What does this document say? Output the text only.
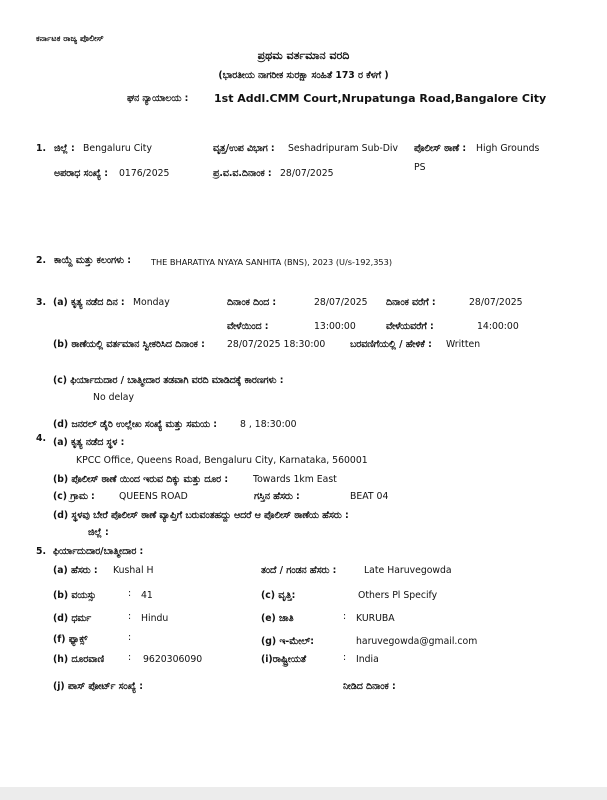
ಕರ್ನಾಟಕ ರಾಜ್ಯ ಪೊಲೀಸ್
ಪ್ರಥಮ ವರ್ತಮಾನ ವರದಿ
(ಭಾರತೀಯ ನಾಗರೀಕ ಸುರಕ್ಷಾ ಸಂಹಿತೆ 173 ರ ಕೆಳಗೆ )
ಘನ ನ್ಯಾಯಾಲಯ : 1st Addl.CMM Court,Nrupatunga Road,Bangalore City
1. ಜಿಲ್ಲೆ : Bengaluru City	ವೃತ್ತ/ಉಪ ವಿಭಾಗ : Seshadripuram Sub-Div ಪೊಲೀಸ್ ಠಾಣೆ : High Grounds
PS
ಅಪರಾಧ ಸಂಖ್ಯೆ : 0176/2025	ಪ್ರ.ವ.ವ.ದಿನಾಂಕ : 28/07/2025
2. ಕಾಯ್ದೆ ಮತ್ತು ಕಲಂಗಳು : THE BHARATIYA NYAYA SANHITA (BNS), 2023 (U/s-192,353)
3. (a) ಕೃತ್ಯ ನಡೆದ ದಿನ : Monday	ದಿನಾಂಕ ದಿಂದ :	28/07/2025 ದಿನಾಂಕ ವರೆಗೆ :	28/07/2025
ವೇಳೆಯಿಂದ :	13:00:00	ವೇಳೆಯವರೆಗೆ :	14:00:00
(b) ಠಾಣೆಯಲ್ಲಿ ವರ್ತಮಾನ ಸ್ವೀಕರಿಸಿದ ದಿನಾಂಕ : 28/07/2025 18:30:00	ಬರವಣಿಗೆಯಲ್ಲಿ / ಹೇಳಿಕೆ : Written
(c) ಫಿರ್ಯಾದುದಾರ / ಬಾತ್ಮೀದಾರ ತಡವಾಗಿ ವರದಿ ಮಾಡಿದಕ್ಕೆ ಕಾರಣಗಳು :
No delay
(d) ಜನರಲ್ ಡೈರಿ ಉಲ್ಲೇಖ ಸಂಖ್ಯೆ ಮತ್ತು ಸಮಯ : 8 , 18:30:00
4. (a) ಕೃತ್ಯ ನಡೆದ ಸ್ಥಳ :
KPCC Office, Queens Road, Bengaluru City, Karnataka, 560001
(b) ಪೊಲೀಸ್ ಠಾಣೆ ಯಿಂದ ಇರುವ ದಿಕ್ಕು ಮತ್ತು ದೂರ :	Towards 1km East
(c) ಗ್ರಾಮ :	QUEENS ROAD	ಗಸ್ತಿನ ಹೆಸರು :	BEAT 04
(d) ಸ್ಥಳವು ಬೇರೆ ಪೊಲೀಸ್ ಠಾಣೆ ವ್ಯಾಪ್ತಿಗೆ ಬರುವಂತಹದ್ದು ಆದರೆ ಆ ಪೊಲೀಸ್ ಠಾಣೆಯ ಹೆಸರು :
ಜಿಲ್ಲೆ :
5. ಫಿರ್ಯಾದುದಾರ/ಬಾತ್ಮೀದಾರ :
(a) ಹೆಸರು : Kushal H	ತಂದೆ / ಗಂಡನ ಹೆಸರು :	Late Haruvegowda
(b) ವಯಸ್ಸು	: 41	(c) ವೃತ್ತಿ:	Others Pl Specify
(d) ಧರ್ಮ	: Hindu	(e) ಜಾತಿ	: KURUBA
(f) ಫ್ಯಾಕ್ಸ್	:	(g) ಇ-ಮೇಲ್:	haruvegowda@gmail.com
(h) ದೂರವಾಣಿ	: 9620306090	(i)ರಾಷ್ಟ್ರೀಯತೆ	: India
(j) ಪಾಸ್ ಪೋರ್ಟ್ ಸಂಖ್ಯೆ :	ನೀಡಿದ ದಿನಾಂಕ :
